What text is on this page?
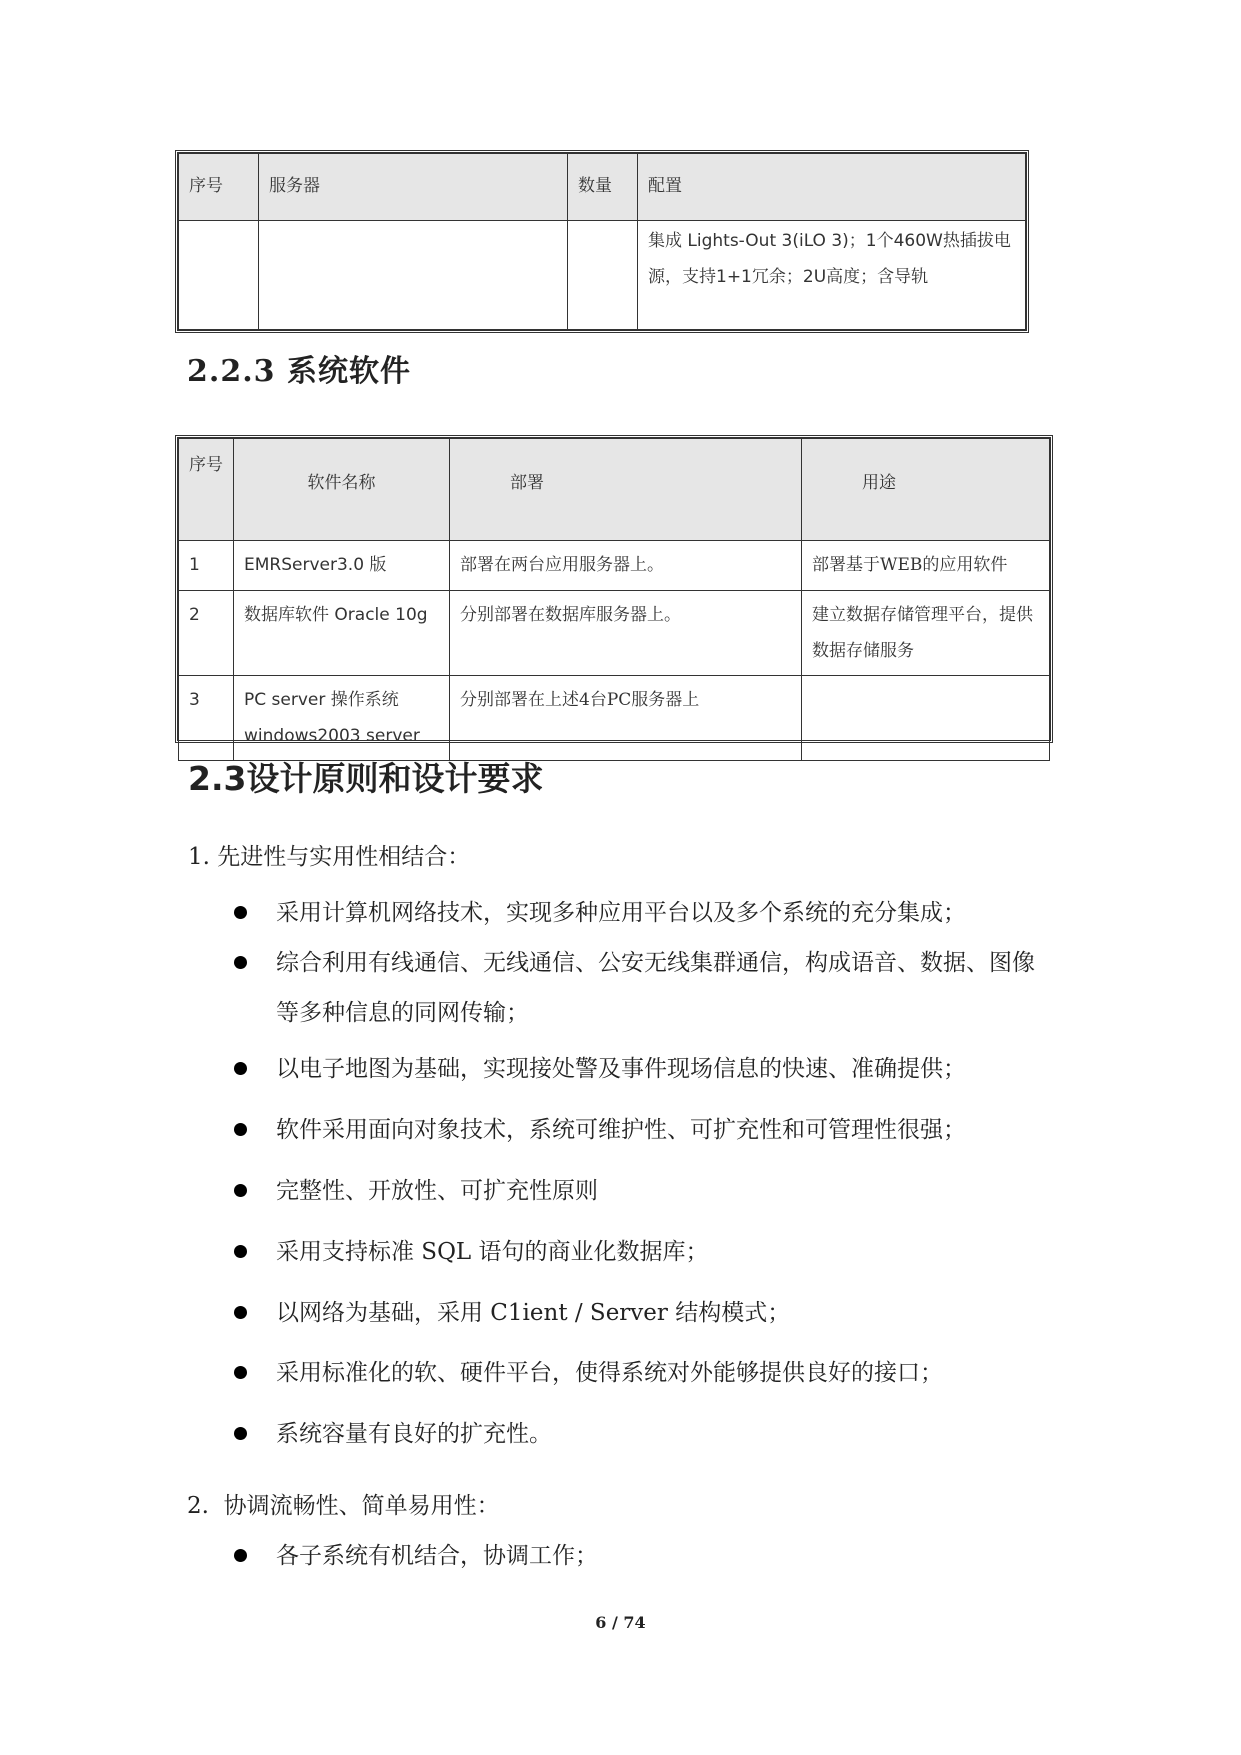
序号	服务器	数量	配置
			集成 Lights-Out 3(iLO 3)；1个460W热插拔电源，支持1+1冗余；2U高度；含导轨
2.2.3 系统软件
序号	软件名称	部署	用途
1	EMRServer3.0 版	部署在两台应用服务器上。	部署基于WEB的应用软件
2	数据库软件 Oracle 10g	分别部署在数据库服务器上。	建立数据存储管理平台，提供数据存储服务
3	PC server 操作系统 windows2003 server	分别部署在上述4台PC服务器上	
2.3设计原则和设计要求
1. 先进性与实用性相结合：
采用计算机网络技术，实现多种应用平台以及多个系统的充分集成；
综合利用有线通信、无线通信、公安无线集群通信，构成语音、数据、图像等多种信息的同网传输；
以电子地图为基础，实现接处警及事件现场信息的快速、准确提供；
软件采用面向对象技术，系统可维护性、可扩充性和可管理性很强；
完整性、开放性、可扩充性原则
采用支持标准 SQL 语句的商业化数据库；
以网络为基础，采用 C1ient / Server 结构模式；
采用标准化的软、硬件平台，使得系统对外能够提供良好的接口；
系统容量有良好的扩充性。
2.  协调流畅性、简单易用性：
各子系统有机结合，协调工作；
6 / 74
